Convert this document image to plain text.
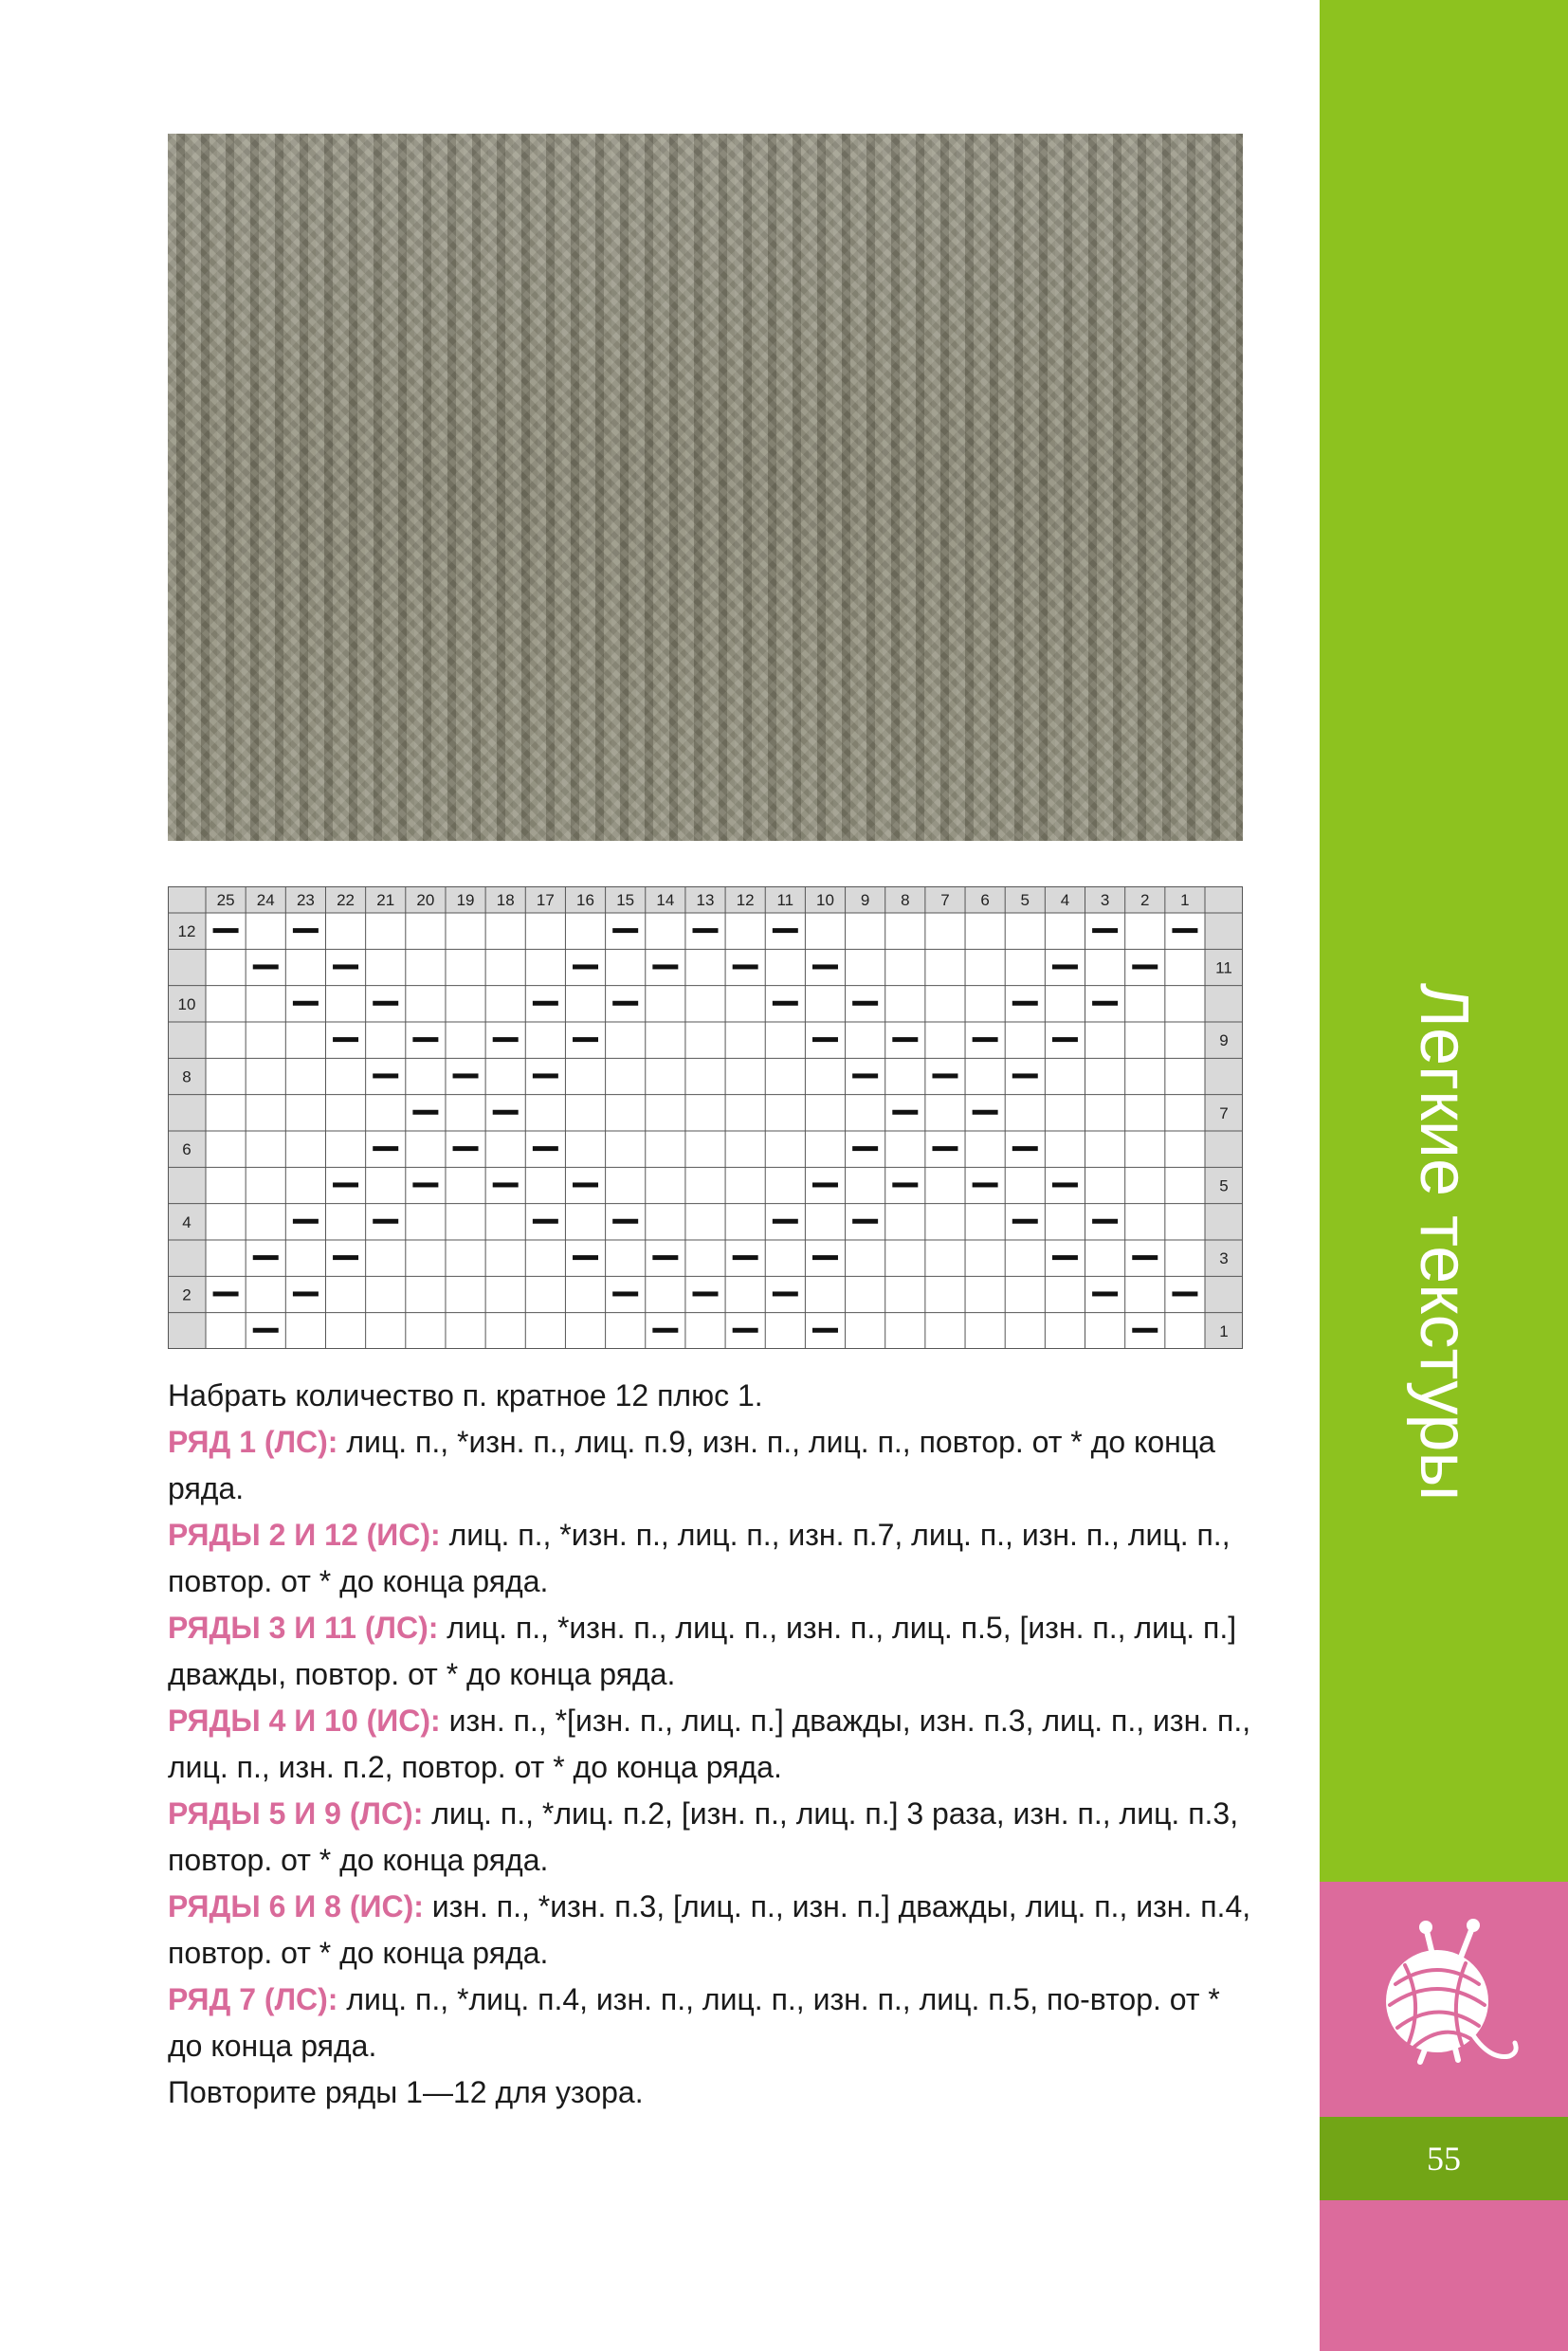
25 24 23 22 21 20 19 18 17 16 15 14 13 12 11 10 9 8 7 6 5 4 3 2 1
12
10
8
6
4
2
11
9
7
5
3
1

Набрать количество п. кратное 12 плюс 1.

РЯД 1 (ЛС): лиц. п., *изн. п., лиц. п.9, изн. п., лиц. п., повтор. от * до конца ряда.

РЯДЫ 2 И 12 (ИС): лиц. п., *изн. п., лиц. п., изн. п.7, лиц. п., изн. п., лиц. п., повтор. от * до конца ряда.

РЯДЫ 3 И 11 (ЛС): лиц. п., *изн. п., лиц. п., изн. п., лиц. п.5, [изн. п., лиц. п.] дважды, повтор. от * до конца ряда.

РЯДЫ 4 И 10 (ИС): изн. п., *[изн. п., лиц. п.] дважды, изн. п.3, лиц. п., изн. п., лиц. п., изн. п.2, повтор. от * до конца ряда.

РЯДЫ 5 И 9 (ЛС): лиц. п., *лиц. п.2, [изн. п., лиц. п.] 3 раза, изн. п., лиц. п.3, повтор. от * до конца ряда.

РЯДЫ 6 И 8 (ИС): изн. п., *изн. п.3, [лиц. п., изн. п.] дважды, лиц. п., изн. п.4, повтор. от * до конца ряда.

РЯД 7 (ЛС): лиц. п., *лиц. п.4, изн. п., лиц. п., изн. п., лиц. п.5, по-втор. от * до конца ряда.

Повторите ряды 1—12 для узора.

Легкие текстуры
55
